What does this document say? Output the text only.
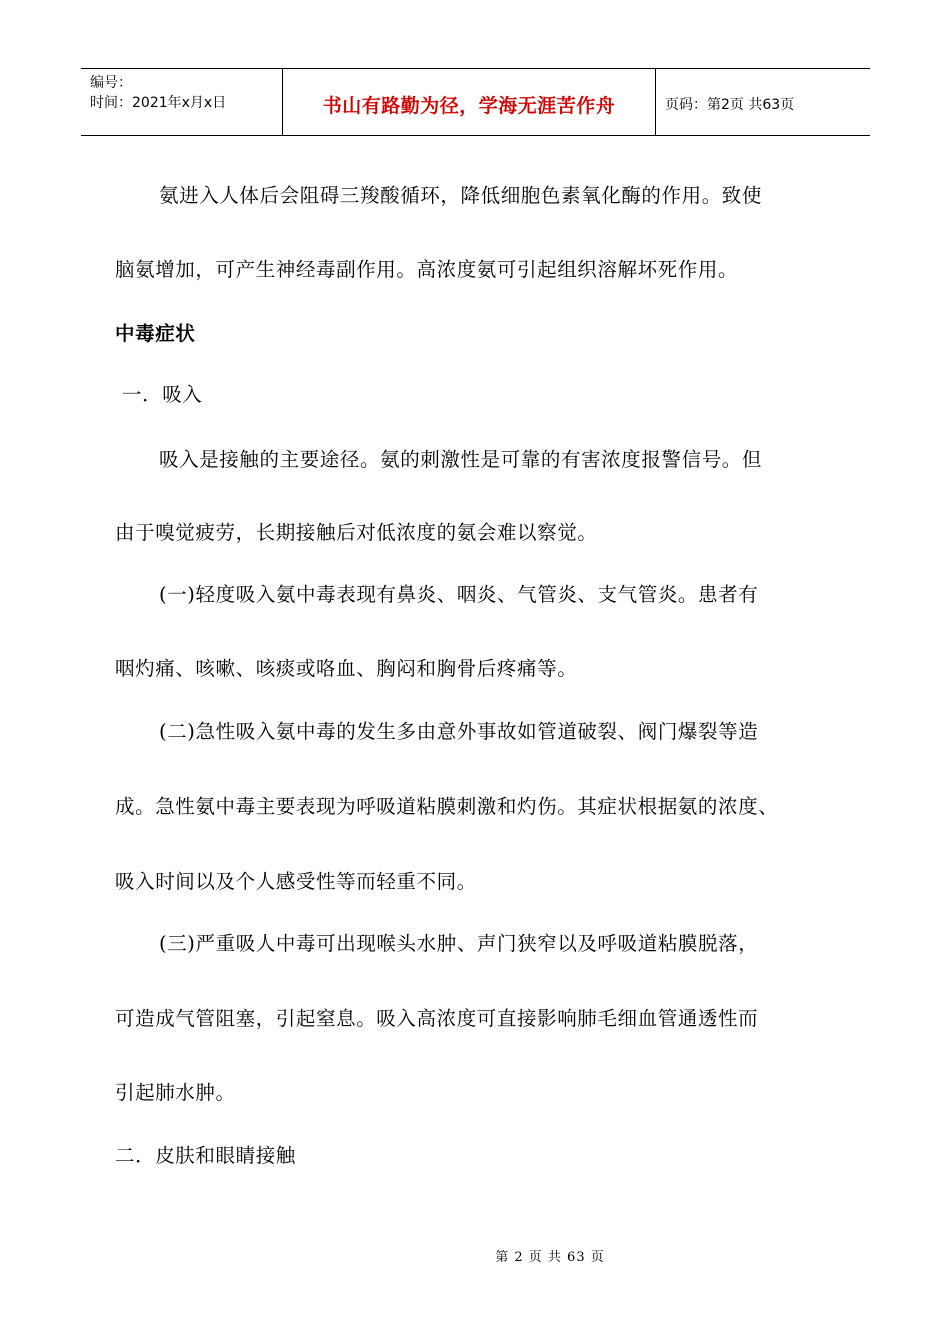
编号：
时间：2021年x月x日	书山有路勤为径，学海无涯苦作舟	页码：第2页 共63页
氨进入人体后会阻碍三羧酸循环，降低细胞色素氧化酶的作用。致使
脑氨增加，可产生神经毒副作用。高浓度氨可引起组织溶解坏死作用。
中毒症状
一．吸入
吸入是接触的主要途径。氨的刺激性是可靠的有害浓度报警信号。但
由于嗅觉疲劳，长期接触后对低浓度的氨会难以察觉。
(一)轻度吸入氨中毒表现有鼻炎、咽炎、气管炎、支气管炎。患者有
咽灼痛、咳嗽、咳痰或咯血、胸闷和胸骨后疼痛等。
(二)急性吸入氨中毒的发生多由意外事故如管道破裂、阀门爆裂等造
成。急性氨中毒主要表现为呼吸道粘膜刺激和灼伤。其症状根据氨的浓度、
吸入时间以及个人感受性等而轻重不同。
(三)严重吸人中毒可出现喉头水肿、声门狭窄以及呼吸道粘膜脱落，
可造成气管阻塞，引起窒息。吸入高浓度可直接影响肺毛细血管通透性而
引起肺水肿。
二．皮肤和眼睛接触
第 2 页 共 63 页
